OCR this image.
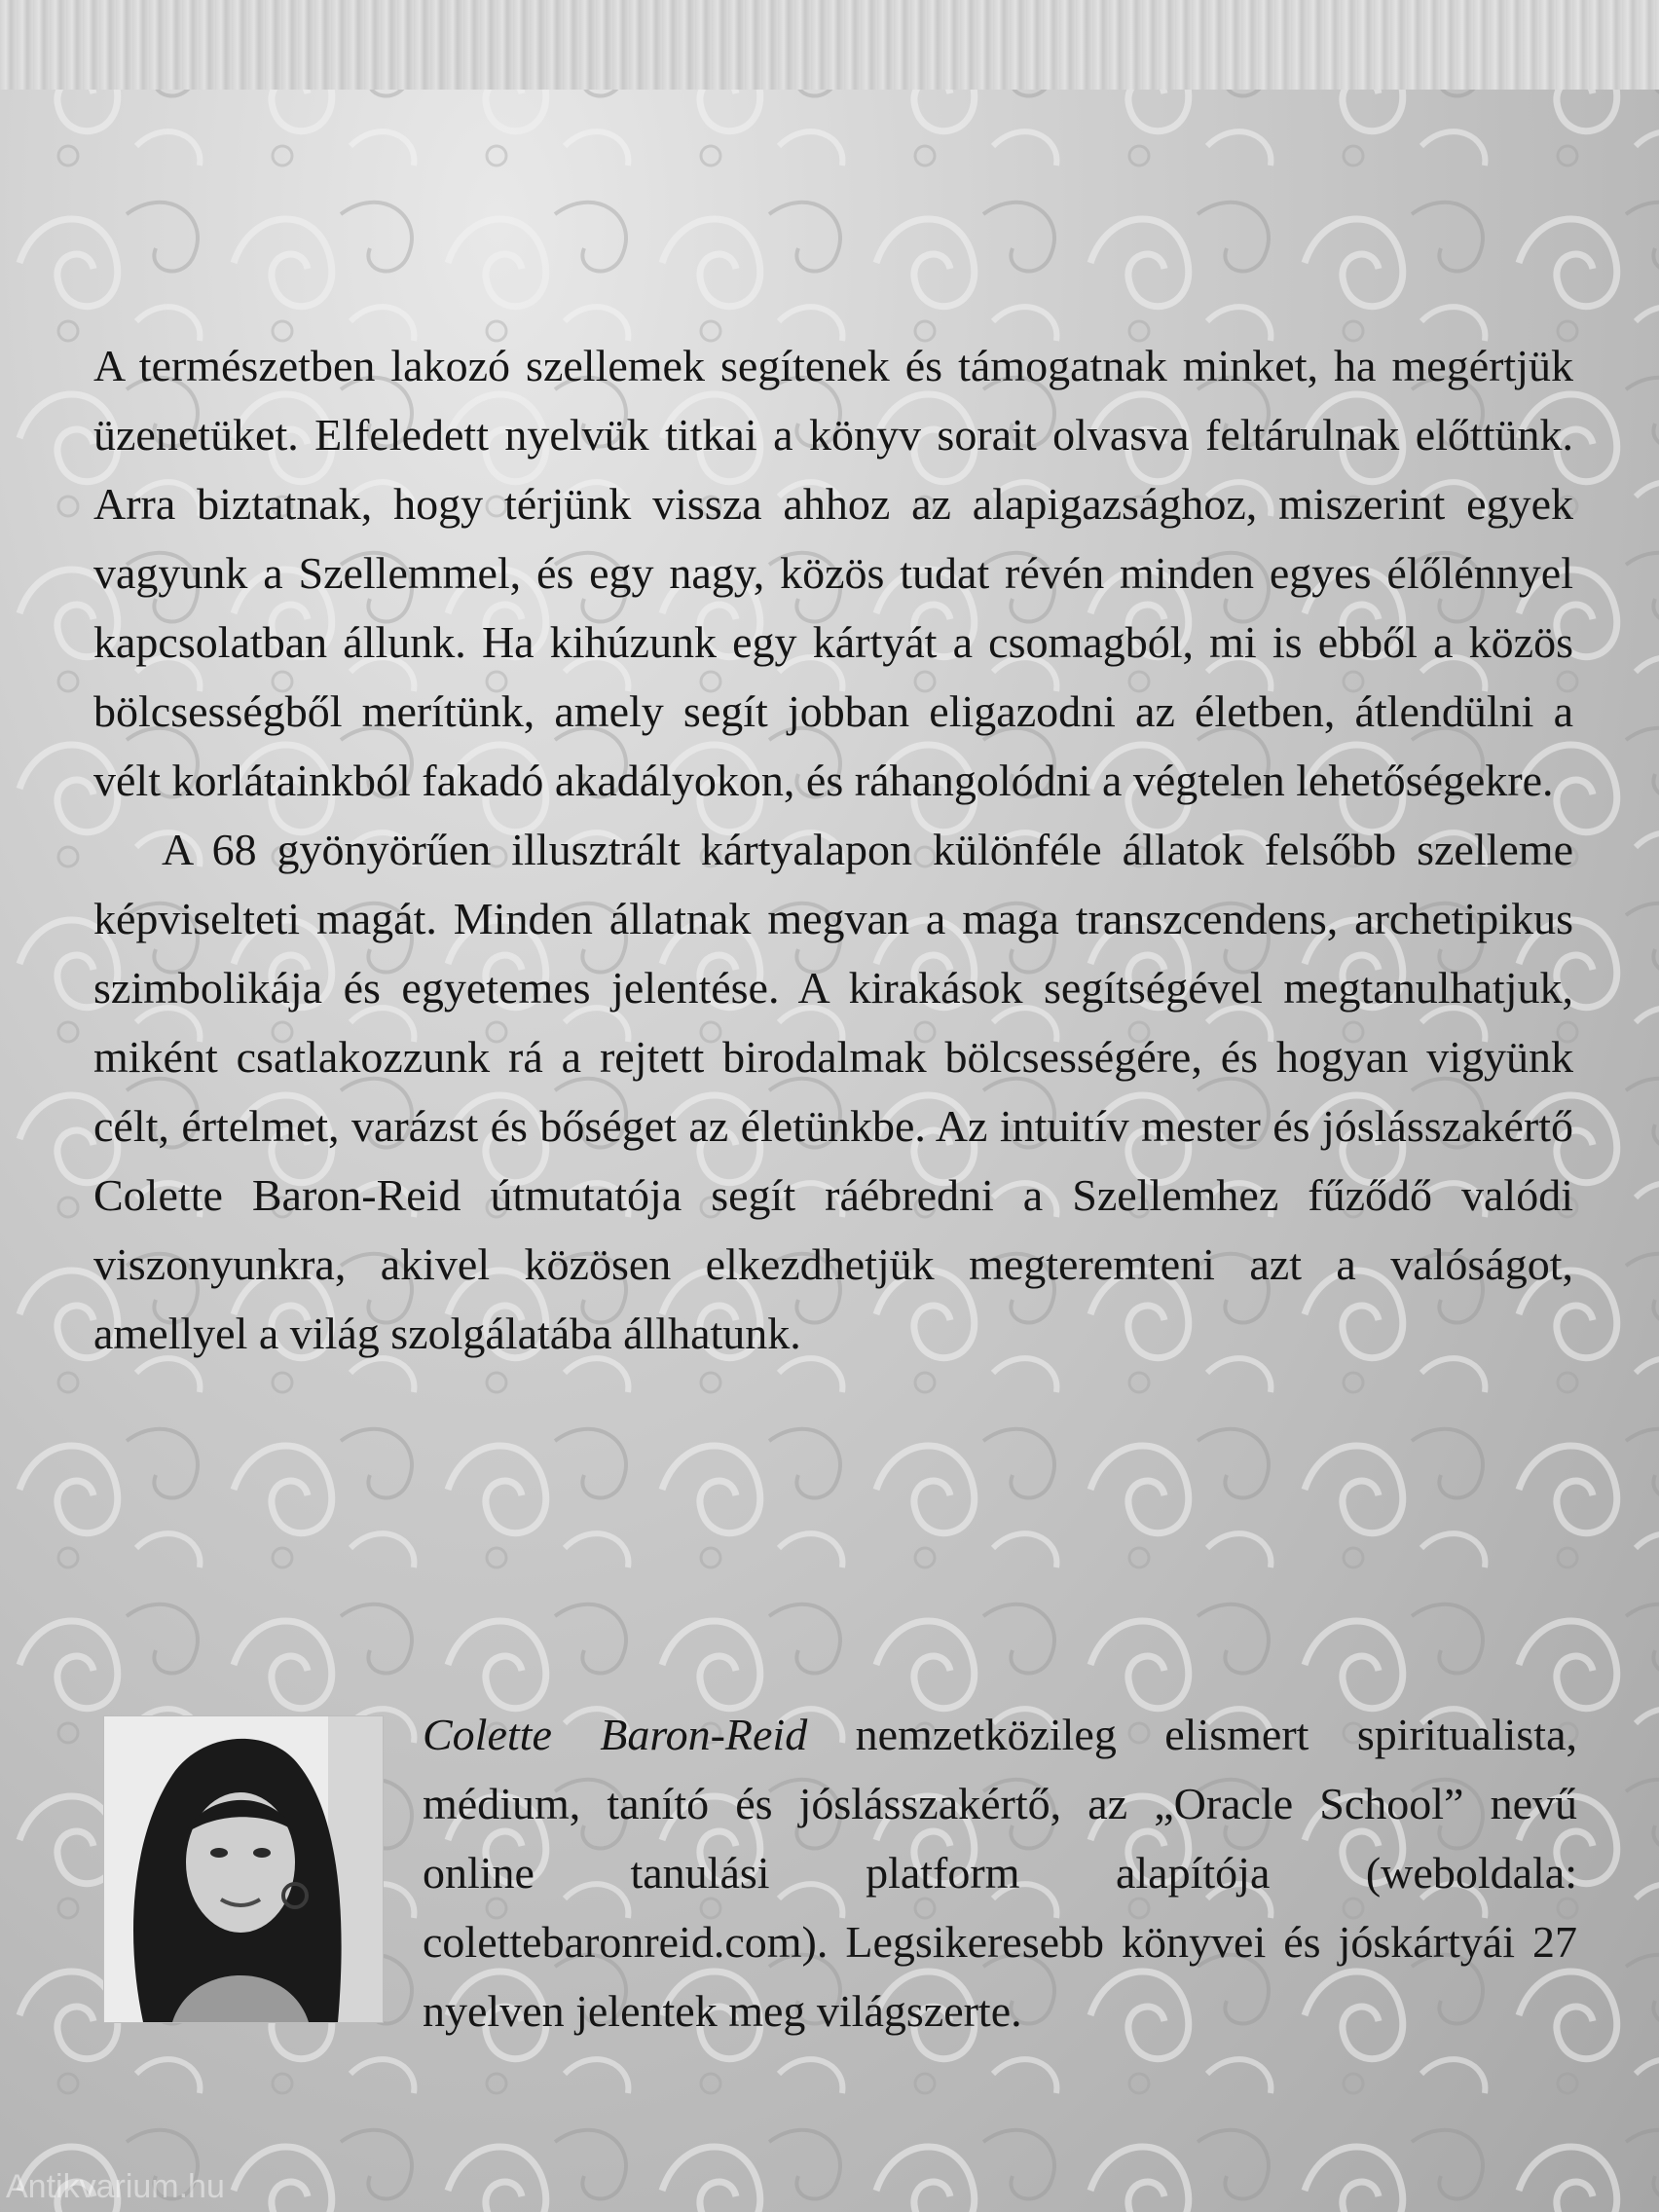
A természetben lakozó szellemek segítenek és támogatnak minket, ha megértjük üzenetüket. Elfeledett nyelvük titkai a könyv sorait olvasva feltárulnak előttünk. Arra biztatnak, hogy térjünk vissza ahhoz az alapigazsághoz, miszerint egyek vagyunk a Szellemmel, és egy nagy, közös tudat révén minden egyes élőlénnyel kapcsolatban állunk. Ha kihúzunk egy kártyát a csomagból, mi is ebből a közös bölcsességből merítünk, amely segít jobban eligazodni az életben, átlendülni a vélt korlátainkból fakadó akadályokon, és ráhangolódni a végtelen lehetőségekre.

A 68 gyönyörűen illusztrált kártyalapon különféle állatok felsőbb szelleme képviselteti magát. Minden állatnak megvan a maga transzcendens, archetipikus szimbolikája és egyetemes jelentése. A kirakások segítségével megtanulhatjuk, miként csatlakozzunk rá a rejtett birodalmak bölcsességére, és hogyan vigyünk célt, értelmet, varázst és bőséget az életünkbe. Az intuitív mester és jóslásszakértő Colette Baron-Reid útmutatója segít ráébredni a Szellemhez fűződő valódi viszonyunkra, akivel közösen elkezdhetjük megteremteni azt a valóságot, amellyel a világ szolgálatába állhatunk.

Colette Baron-Reid nemzetközileg elismert spiritualista, médium, tanító és jóslásszakértő, az „Oracle School” nevű online tanulási platform alapítója (weboldala: colettebaronreid.com). Legsikeresebb könyvei és jóskártyái 27 nyelven jelentek meg világszerte.

Antikvarium.hu
